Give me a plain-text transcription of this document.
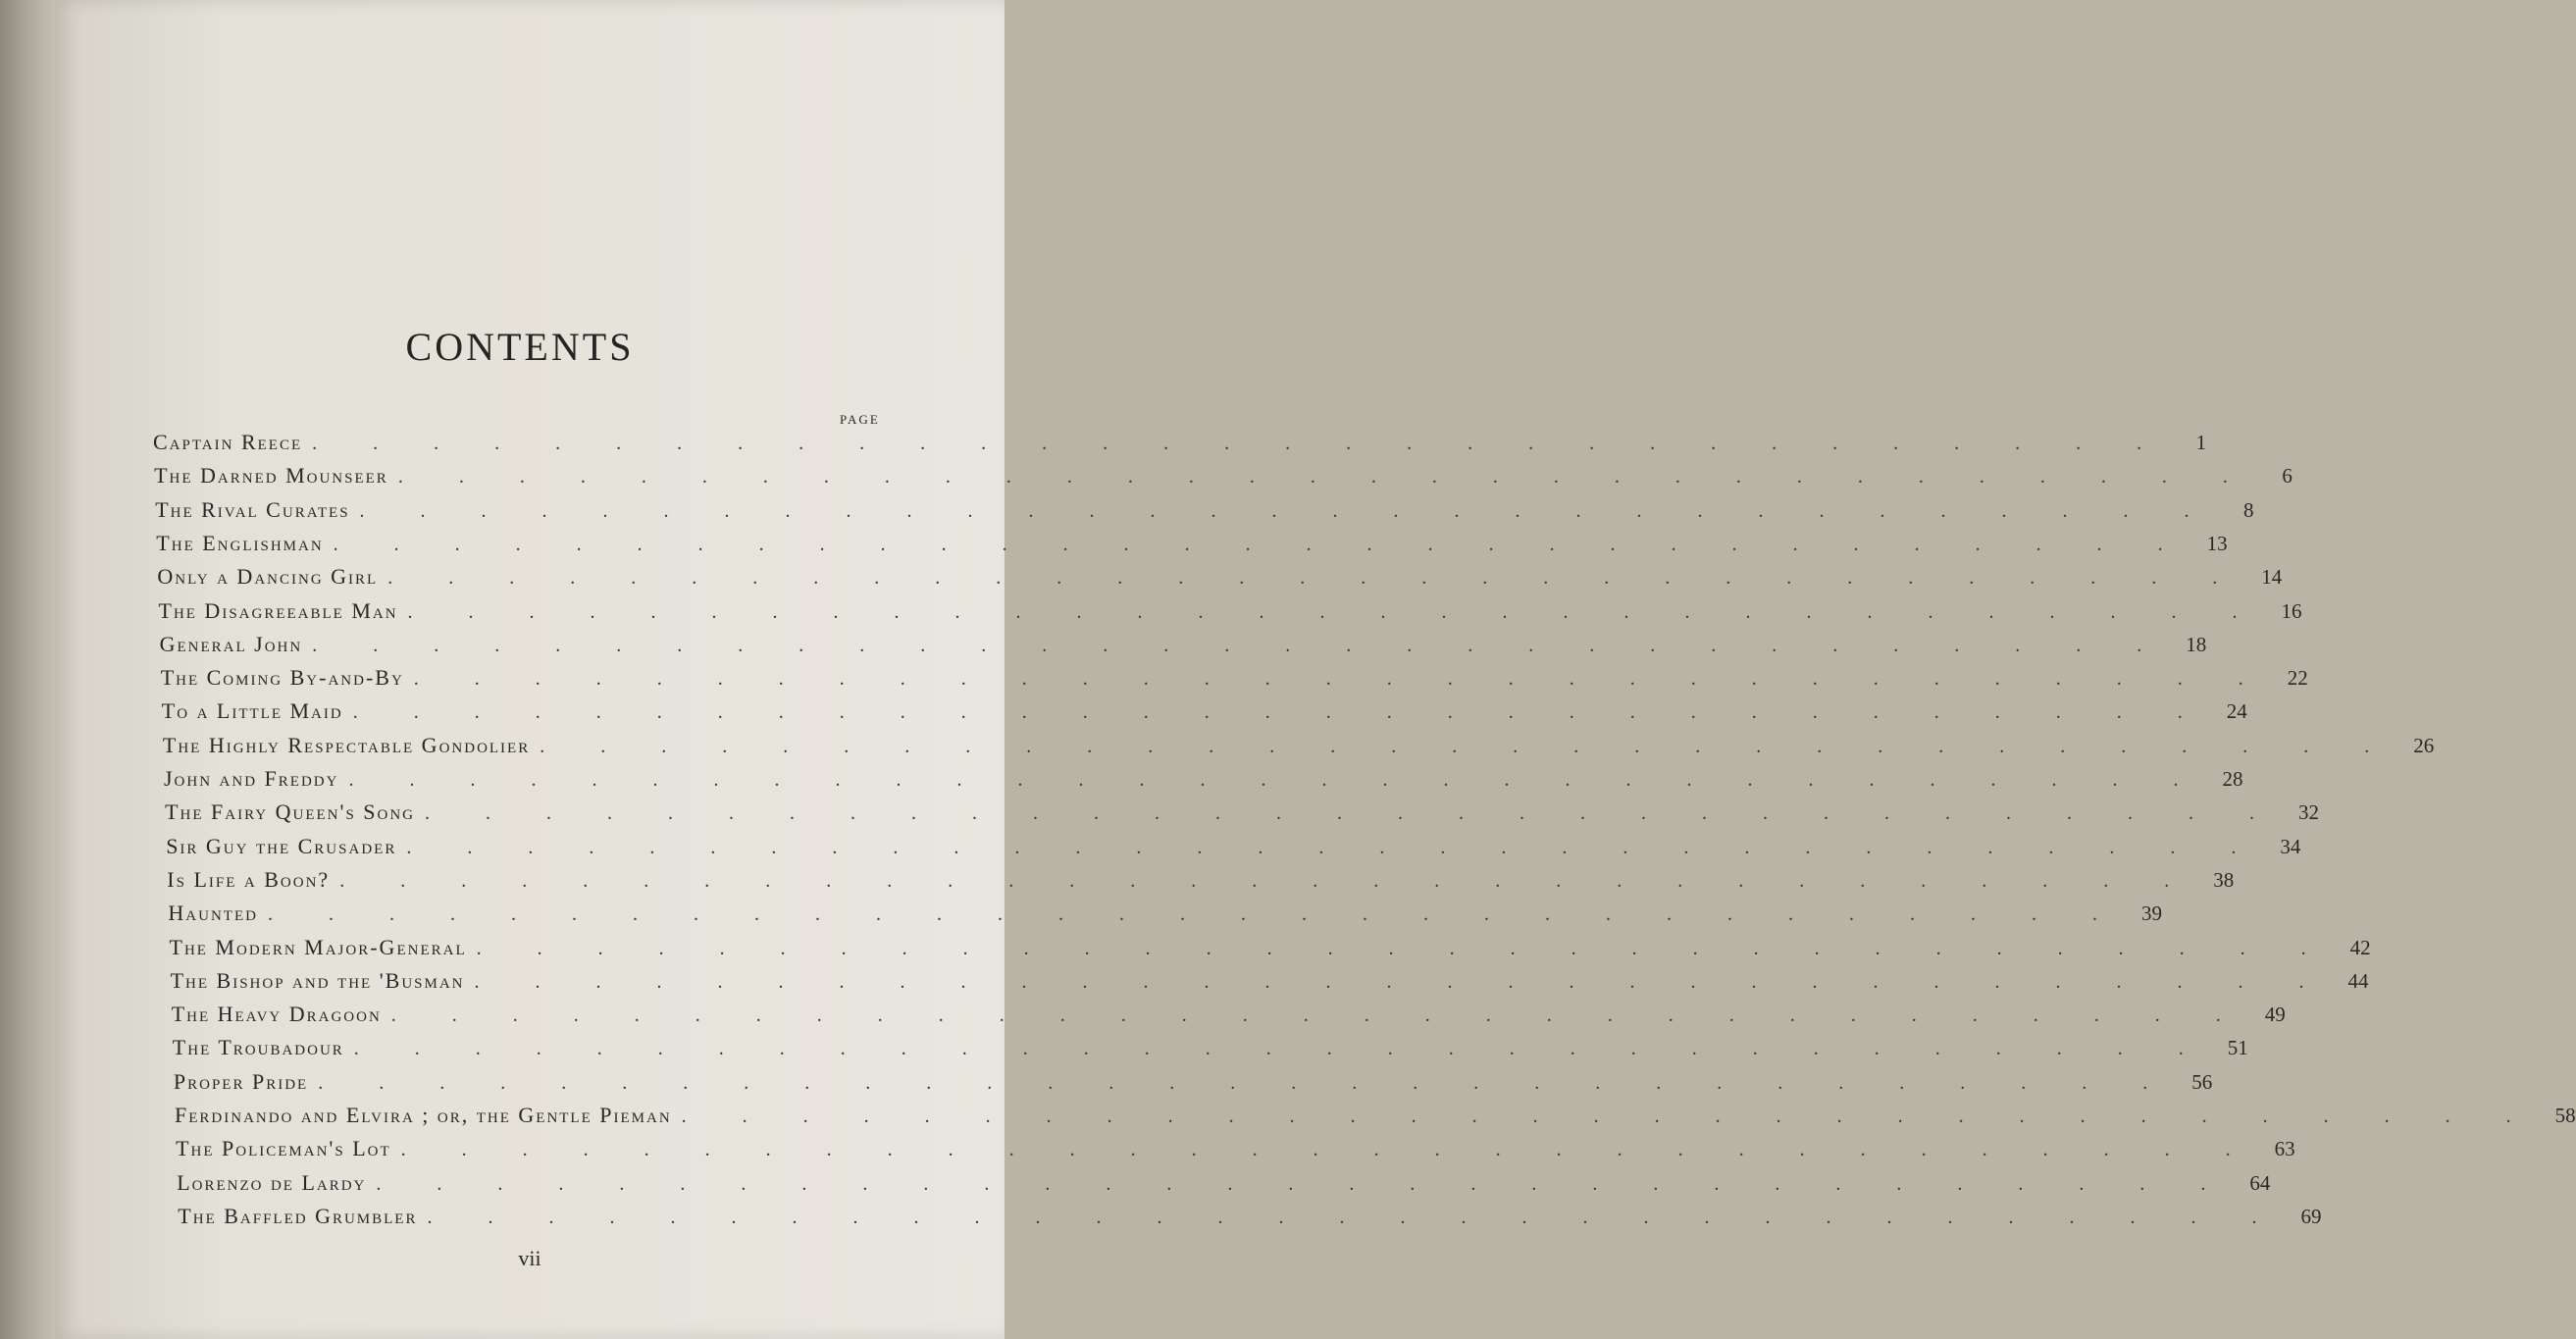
CONTENTS
PAGE
Captain Reece . . . . . . . . . . . . . . . . . . . . . . . . . . . . . . .	1
The Darned Mounseer . . . . . . . . . . . . . . . . . . . . . . . . . . . . . . .	6
The Rival Curates . . . . . . . . . . . . . . . . . . . . . . . . . . . . . . .	8
The Englishman . . . . . . . . . . . . . . . . . . . . . . . . . . . . . . . 13
Only a Dancing Girl . . . . . . . . . . . . . . . . . . . . . . . . . . . . . . . 14
The Disagreeable Man . . . . . . . . . . . . . . . . . . . . . . . . . . . . . . . 16
General John . . . . . . . . . . . . . . . . . . . . . . . . . . . . . . . 18
The Coming By-and-By . . . . . . . . . . . . . . . . . . . . . . . . . . . . . . . 22
To a Little Maid . . . . . . . . . . . . . . . . . . . . . . . . . . . . . . . 24
The Highly Respectable Gondolier . . . . . . . . . . . . . . . . . . . . . . . . . . . . . . . 26
John and Freddy . . . . . . . . . . . . . . . . . . . . . . . . . . . . . . . 28
The Fairy Queen's Song . . . . . . . . . . . . . . . . . . . . . . . . . . . . . . . 32
Sir Guy the Crusader . . . . . . . . . . . . . . . . . . . . . . . . . . . . . . . 34
Is Life a Boon? . . . . . . . . . . . . . . . . . . . . . . . . . . . . . . . 38
Haunted . . . . . . . . . . . . . . . . . . . . . . . . . . . . . . . 39
The Modern Major-General . . . . . . . . . . . . . . . . . . . . . . . . . . . . . . . 42
The Bishop and the 'Busman . . . . . . . . . . . . . . . . . . . . . . . . . . . . . . . 44
The Heavy Dragoon . . . . . . . . . . . . . . . . . . . . . . . . . . . . . . . 49
The Troubadour . . . . . . . . . . . . . . . . . . . . . . . . . . . . . . . 51
Proper Pride . . . . . . . . . . . . . . . . . . . . . . . . . . . . . . . 56
Ferdinando and Elvira ; or, the Gentle Pieman . . . . . . . . . . . . . . . . . . . . . . . . . . . . . . . 58
The Policeman's Lot . . . . . . . . . . . . . . . . . . . . . . . . . . . . . . . 63
Lorenzo de Lardy . . . . . . . . . . . . . . . . . . . . . . . . . . . . . . . 64
The Baffled Grumbler . . . . . . . . . . . . . . . . . . . . . . . . . . . . . . . 69
vii
